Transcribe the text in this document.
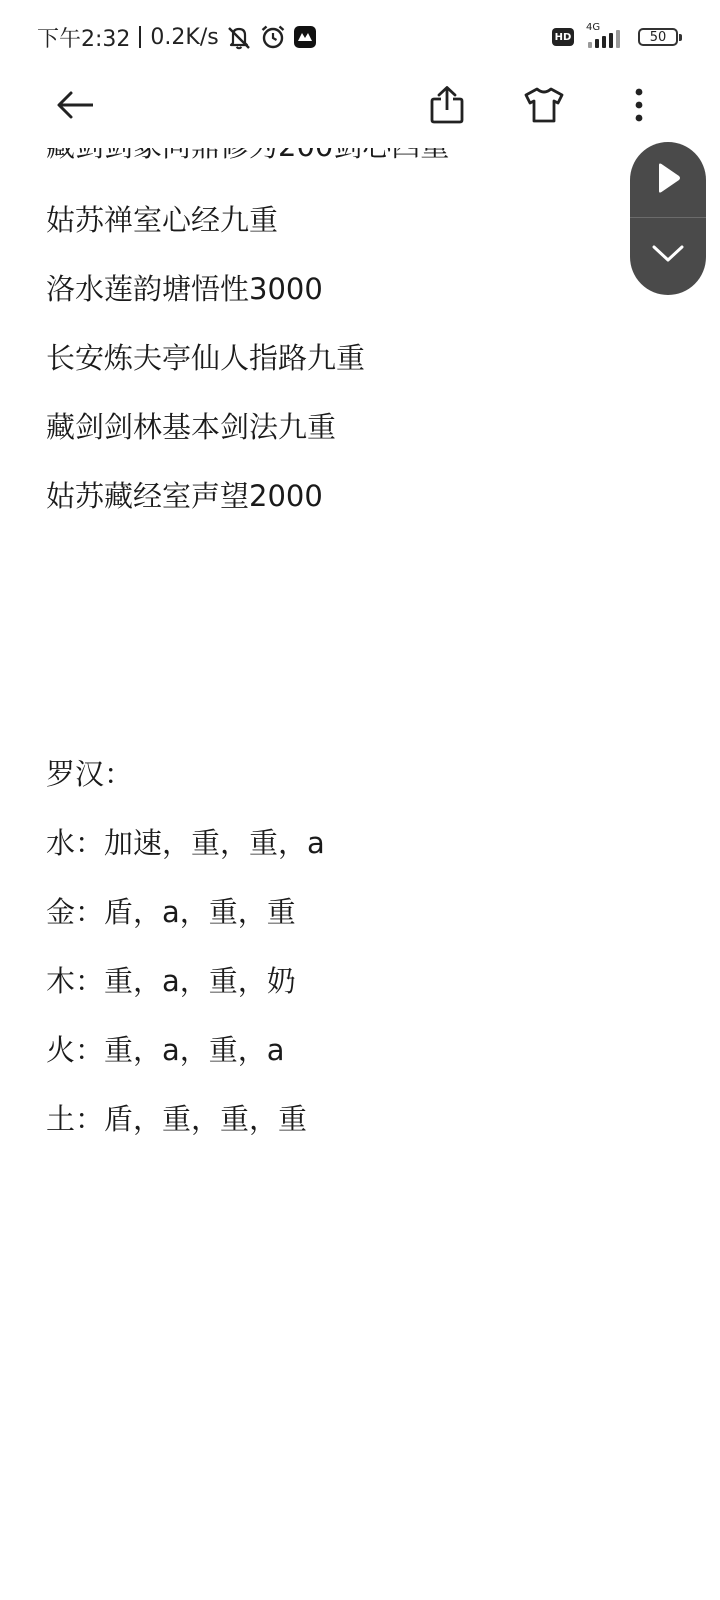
下午2:32 0.2K/s	HD
4G
50
姑苏禅室心经九重
洛水莲韵塘悟性3000
长安炼夫亭仙人指路九重
藏剑剑林基本剑法九重
姑苏藏经室声望2000
罗汉：
水：加速，重，重，a
金：盾，a，重，重
木：重，a，重，奶
火：重，a，重，a
土：盾，重，重，重
